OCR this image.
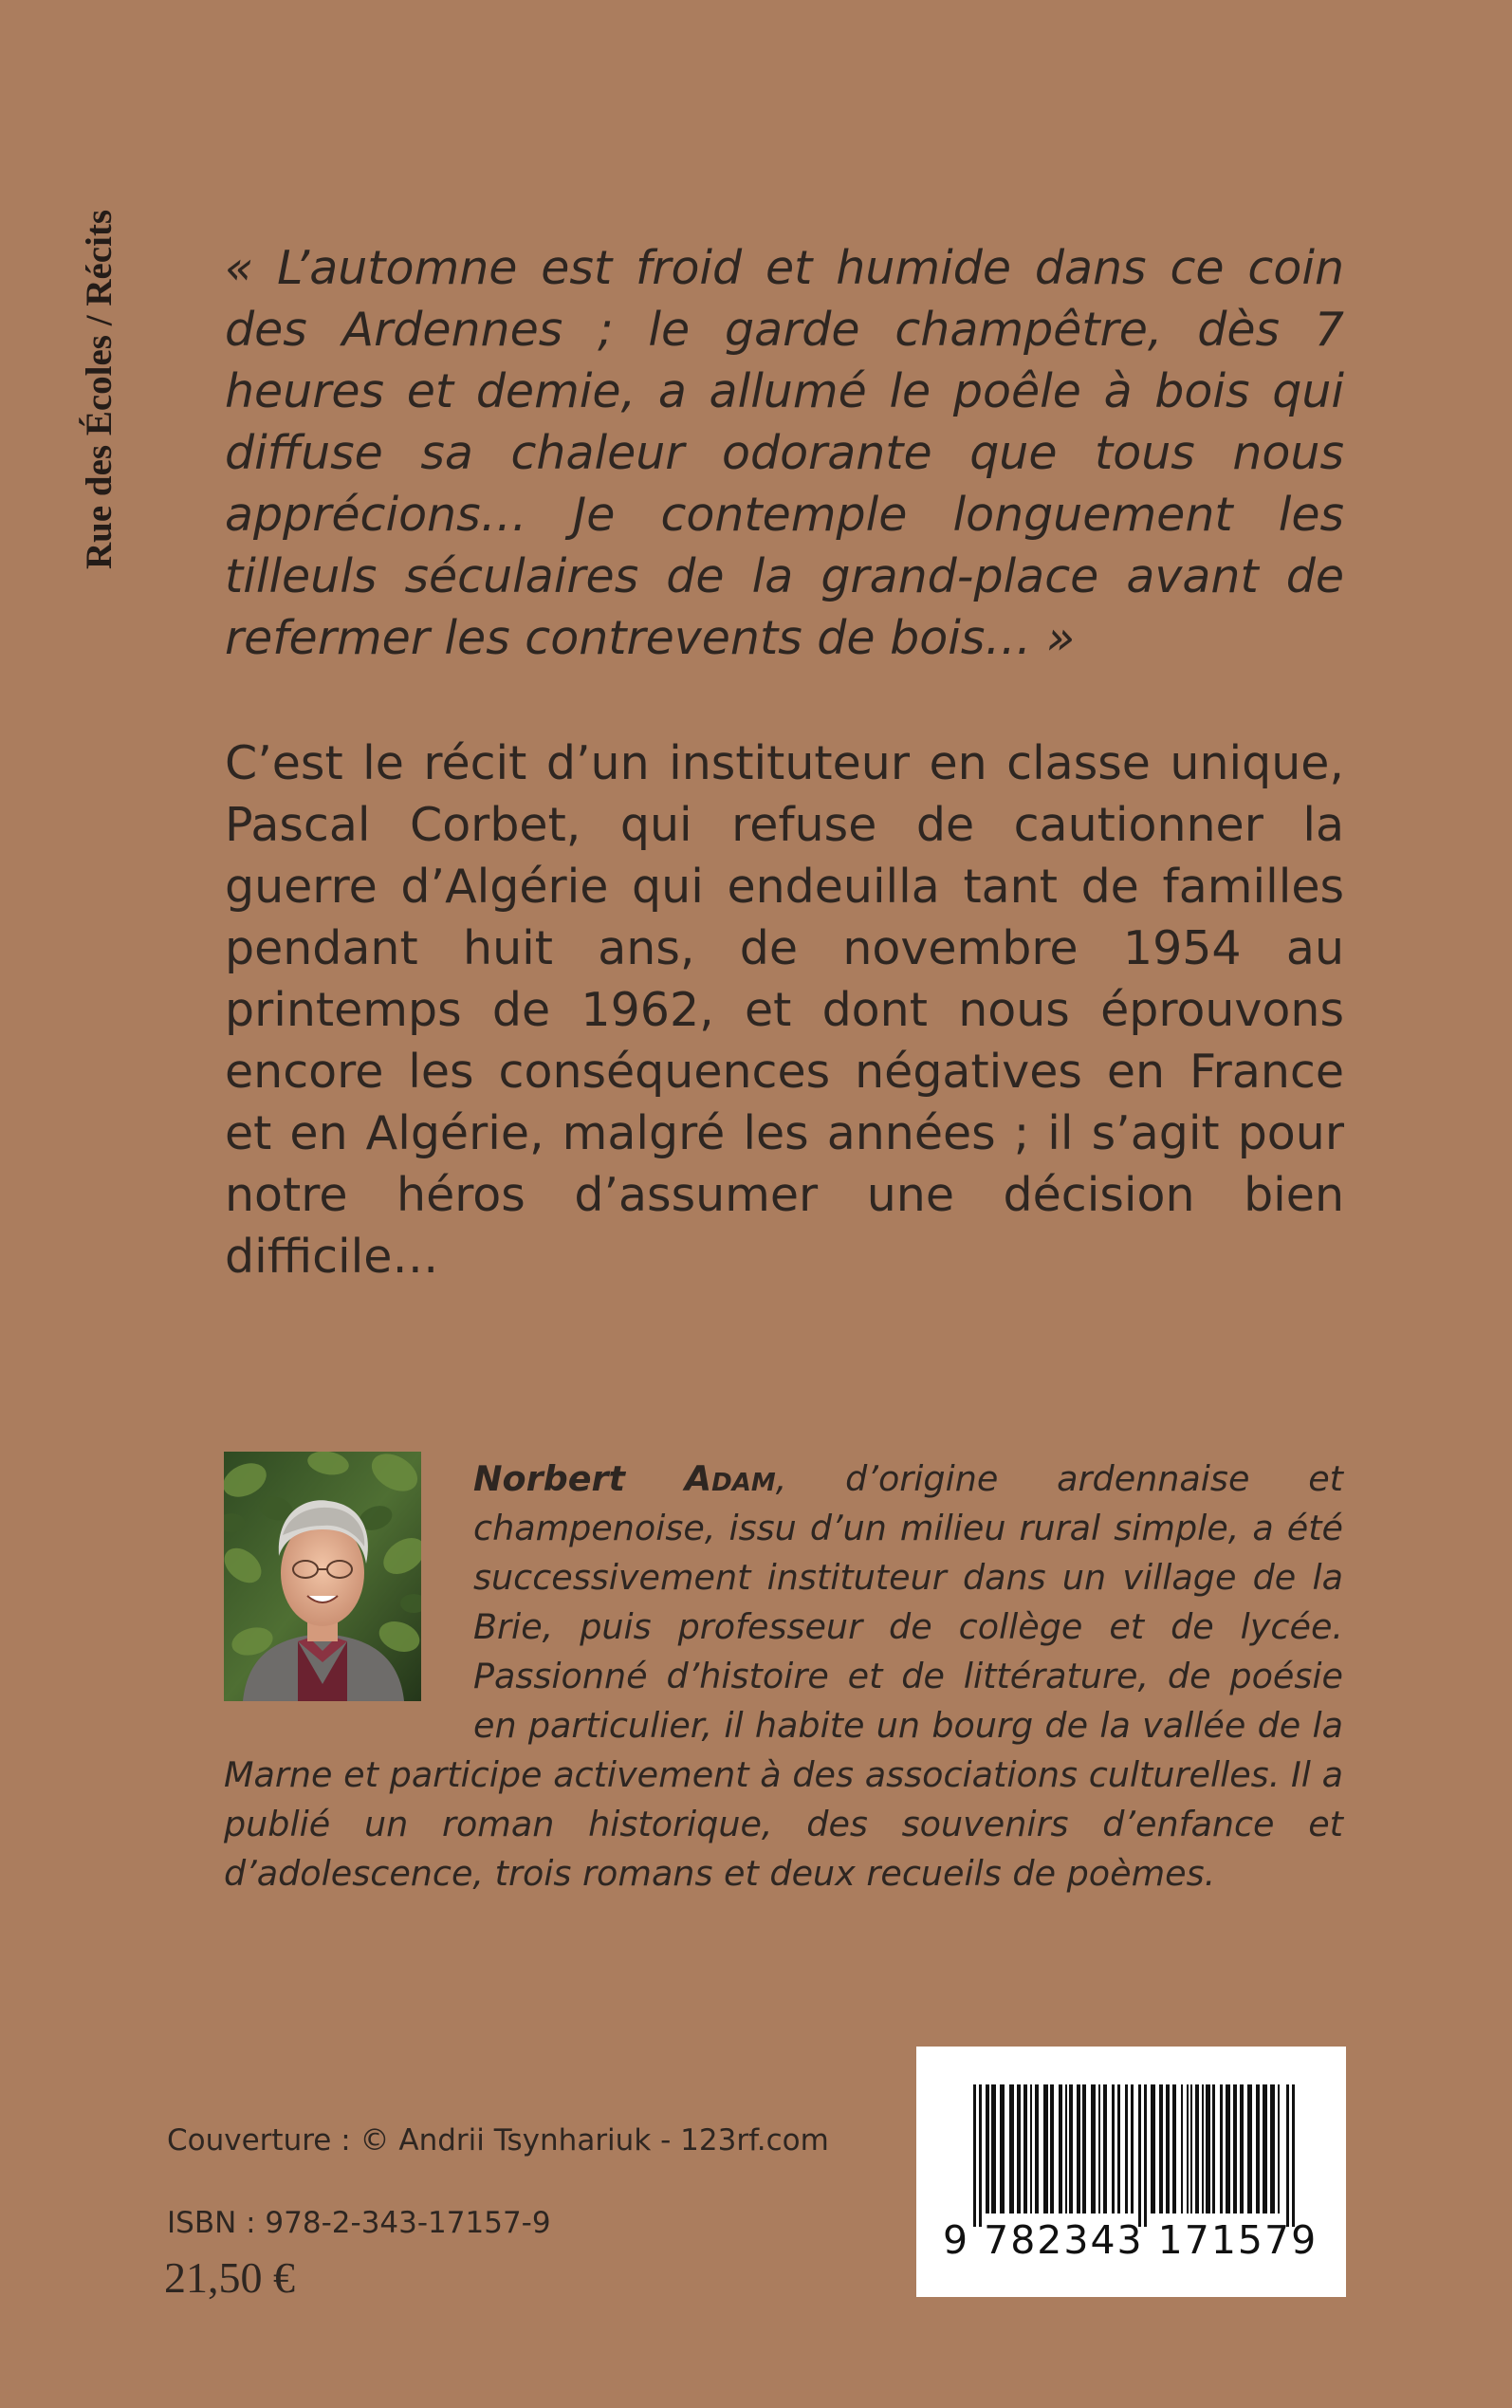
Rue des Écoles / Récits « L’automne est froid et humide dans ce coin des Ardennes ; le garde champêtre, dès 7 heures et demie, a allumé le poêle à bois qui diffuse sa chaleur odorante que tous nous apprécions… Je contemple longuement les tilleuls séculaires de la grand-place avant de refermer les contrevents de bois… »

C’est le récit d’un instituteur en classe unique, Pascal Corbet, qui refuse de cautionner la guerre d’Algérie qui endeuilla tant de familles pendant huit ans, de novembre 1954 au printemps de 1962, et dont nous éprouvons encore les conséquences négatives en France et en Algérie, malgré les années ; il s’agit pour notre héros d’assumer une décision bien difficile…

Norbert Adam, d’origine ardennaise et champenoise, issu d’un milieu rural simple, a été successivement instituteur dans un village de la Brie, puis professeur de collège et de lycée. Passionné d’histoire et de littérature, de poésie en particulier, il habite un bourg de la vallée de la Marne et participe activement à des associations culturelles. Il a publié un roman historique, des souvenirs d’enfance et d’adolescence, trois romans et deux recueils de poèmes.

Couverture : © Andrii Tsynhariuk - 123rf.com
ISBN : 978-2-343-17157-9
21,50 €
9 782343 171579
